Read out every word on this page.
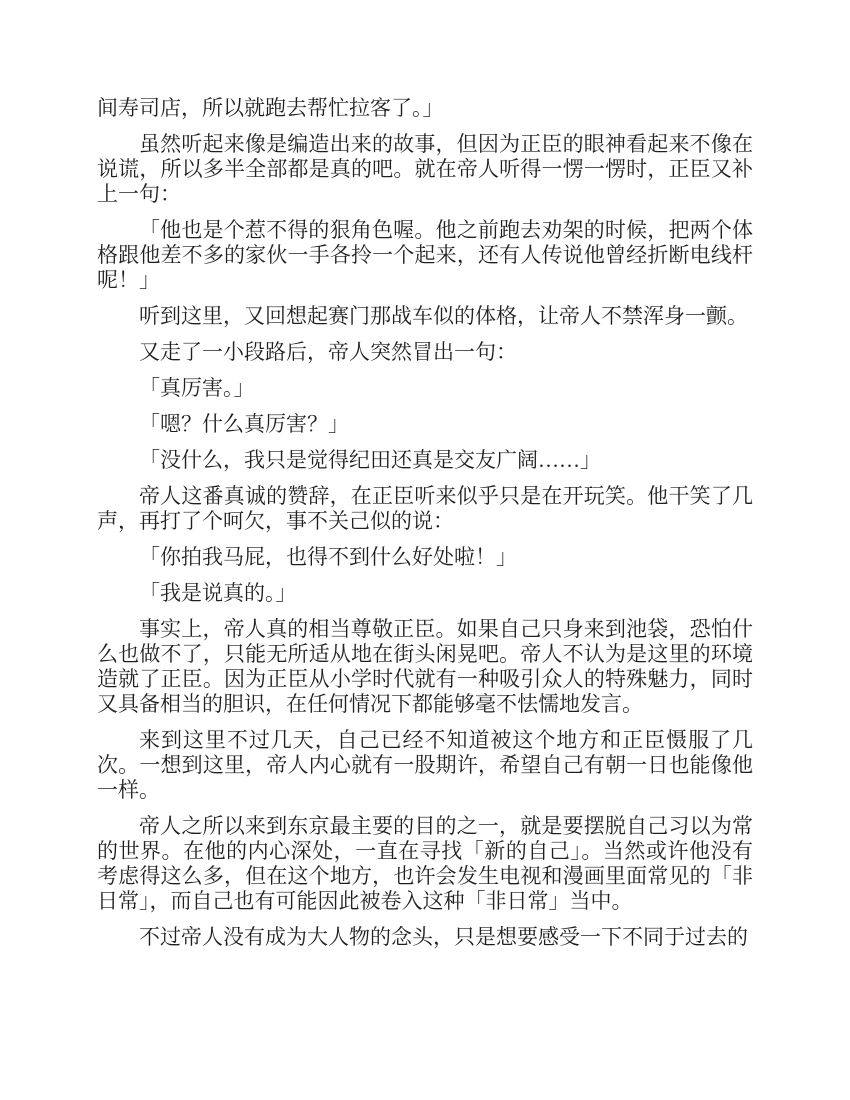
间寿司店，所以就跑去帮忙拉客了。」

虽然听起来像是编造出来的故事，但因为正臣的眼神看起来不像在说谎，所以多半全部都是真的吧。就在帝人听得一愣一愣时，正臣又补上一句：

「他也是个惹不得的狠角色喔。他之前跑去劝架的时候，把两个体格跟他差不多的家伙一手各拎一个起来，还有人传说他曾经折断电线杆呢！」

听到这里，又回想起赛门那战车似的体格，让帝人不禁浑身一颤。

又走了一小段路后，帝人突然冒出一句：

「真厉害。」

「嗯？什么真厉害？」

「没什么，我只是觉得纪田还真是交友广阔……」

帝人这番真诚的赞辞，在正臣听来似乎只是在开玩笑。他干笑了几声，再打了个呵欠，事不关己似的说：

「你拍我马屁，也得不到什么好处啦！」

「我是说真的。」

事实上，帝人真的相当尊敬正臣。如果自己只身来到池袋，恐怕什么也做不了，只能无所适从地在街头闲晃吧。帝人不认为是这里的环境造就了正臣。因为正臣从小学时代就有一种吸引众人的特殊魅力，同时又具备相当的胆识，在任何情况下都能够毫不怯懦地发言。

来到这里不过几天，自己已经不知道被这个地方和正臣慑服了几次。一想到这里，帝人内心就有一股期许，希望自己有朝一日也能像他一样。

帝人之所以来到东京最主要的目的之一，就是要摆脱自己习以为常的世界。在他的内心深处，一直在寻找「新的自己」。当然或许他没有考虑得这么多，但在这个地方，也许会发生电视和漫画里面常见的「非日常」，而自己也有可能因此被卷入这种「非日常」当中。

不过帝人没有成为大人物的念头，只是想要感受一下不同于过去的
